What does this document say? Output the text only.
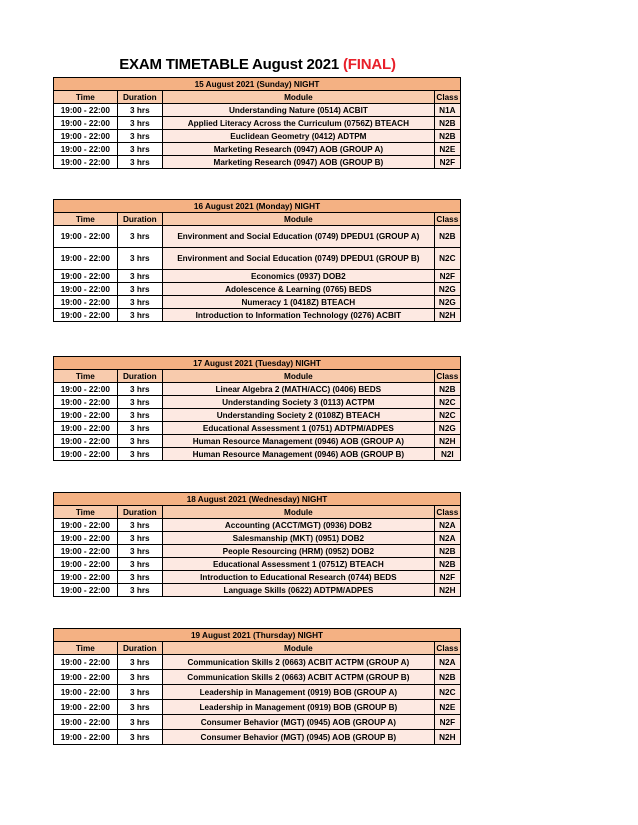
EXAM TIMETABLE August 2021 (FINAL)
15 August 2021 (Sunday) NIGHT			
Time	Duration	Module	Class
19:00 - 22:00	3 hrs	Understanding Nature (0514) ACBIT	N1A
19:00 - 22:00	3 hrs	Applied Literacy Across the Curriculum (0756Z) BTEACH	N2B
19:00 - 22:00	3 hrs	Euclidean Geometry (0412) ADTPM	N2B
19:00 - 22:00	3 hrs	Marketing Research (0947) AOB (GROUP A)	N2E
19:00 - 22:00	3 hrs	Marketing Research (0947) AOB (GROUP B)	N2F
16 August 2021 (Monday) NIGHT			
Time	Duration	Module	Class
19:00 - 22:00	3 hrs	Environment and Social Education (0749) DPEDU1 (GROUP A)	N2B
19:00 - 22:00	3 hrs	Environment and Social Education (0749) DPEDU1 (GROUP B)	N2C
19:00 - 22:00	3 hrs	Economics (0937) DOB2	N2F
19:00 - 22:00	3 hrs	Adolescence & Learning (0765) BEDS	N2G
19:00 - 22:00	3 hrs	Numeracy 1 (0418Z) BTEACH	N2G
19:00 - 22:00	3 hrs	Introduction to Information Technology (0276) ACBIT	N2H
17 August 2021 (Tuesday) NIGHT			
Time	Duration	Module	Class
19:00 - 22:00	3 hrs	Linear Algebra 2 (MATH/ACC) (0406) BEDS	N2B
19:00 - 22:00	3 hrs	Understanding Society 3 (0113) ACTPM	N2C
19:00 - 22:00	3 hrs	Understanding Society 2 (0108Z) BTEACH	N2C
19:00 - 22:00	3 hrs	Educational Assessment 1 (0751) ADTPM/ADPES	N2G
19:00 - 22:00	3 hrs	Human Resource Management (0946) AOB (GROUP A)	N2H
19:00 - 22:00	3 hrs	Human Resource Management (0946) AOB (GROUP B)	N2I
18 August 2021 (Wednesday) NIGHT			
Time	Duration	Module	Class
19:00 - 22:00	3 hrs	Accounting (ACCT/MGT) (0936) DOB2	N2A
19:00 - 22:00	3 hrs	Salesmanship (MKT) (0951) DOB2	N2A
19:00 - 22:00	3 hrs	People Resourcing (HRM) (0952) DOB2	N2B
19:00 - 22:00	3 hrs	Educational Assessment 1 (0751Z) BTEACH	N2B
19:00 - 22:00	3 hrs	Introduction to Educational Research (0744) BEDS	N2F
19:00 - 22:00	3 hrs	Language Skills (0622) ADTPM/ADPES	N2H
19 August 2021 (Thursday) NIGHT			
Time	Duration	Module	Class
19:00 - 22:00	3 hrs	Communication Skills 2 (0663) ACBIT ACTPM (GROUP A)	N2A
19:00 - 22:00	3 hrs	Communication Skills 2 (0663) ACBIT ACTPM (GROUP B)	N2B
19:00 - 22:00	3 hrs	Leadership in Management (0919) BOB (GROUP A)	N2C
19:00 - 22:00	3 hrs	Leadership in Management (0919) BOB (GROUP B)	N2E
19:00 - 22:00	3 hrs	Consumer Behavior (MGT) (0945) AOB (GROUP A)	N2F
19:00 - 22:00	3 hrs	Consumer Behavior (MGT) (0945) AOB (GROUP B)	N2H
